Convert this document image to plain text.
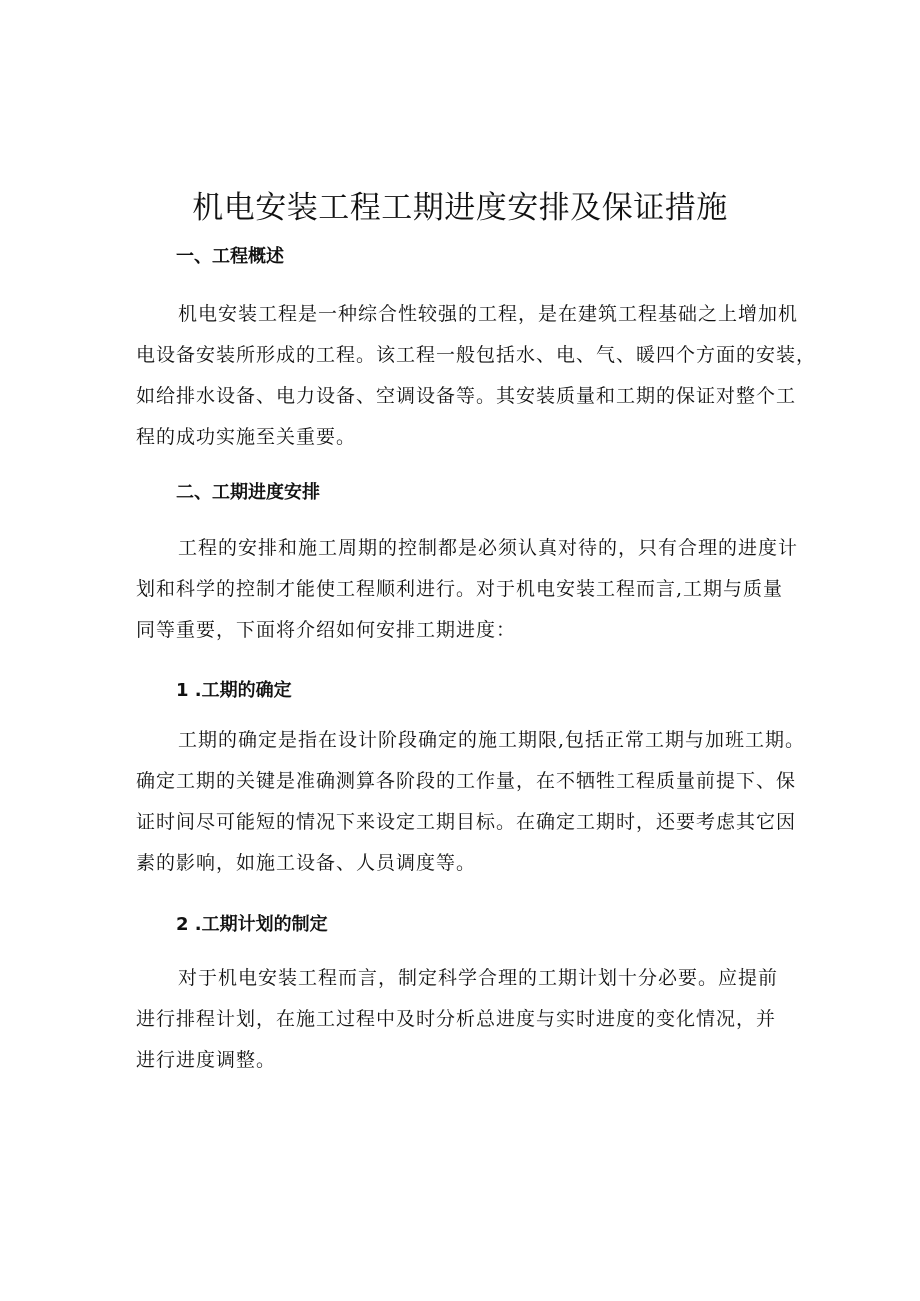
机电安装工程工期进度安排及保证措施
一、工程概述
机电安装工程是一种综合性较强的工程，是在建筑工程基础之上增加机
电设备安装所形成的工程。该工程一般包括水、电、气、暖四个方面的安装，
如给排水设备、电力设备、空调设备等。其安装质量和工期的保证对整个工
程的成功实施至关重要。
二、工期进度安排
工程的安排和施工周期的控制都是必须认真对待的，只有合理的进度计
划和科学的控制才能使工程顺利进行。对于机电安装工程而言,工期与质量
同等重要，下面将介绍如何安排工期进度：
1 .工期的确定
工期的确定是指在设计阶段确定的施工期限,包括正常工期与加班工期。
确定工期的关键是准确测算各阶段的工作量，在不牺牲工程质量前提下、保
证时间尽可能短的情况下来设定工期目标。在确定工期时，还要考虑其它因
素的影响，如施工设备、人员调度等。
2 .工期计划的制定
对于机电安装工程而言，制定科学合理的工期计划十分必要。应提前
进行排程计划，在施工过程中及时分析总进度与实时进度的变化情况，并
进行进度调整。
